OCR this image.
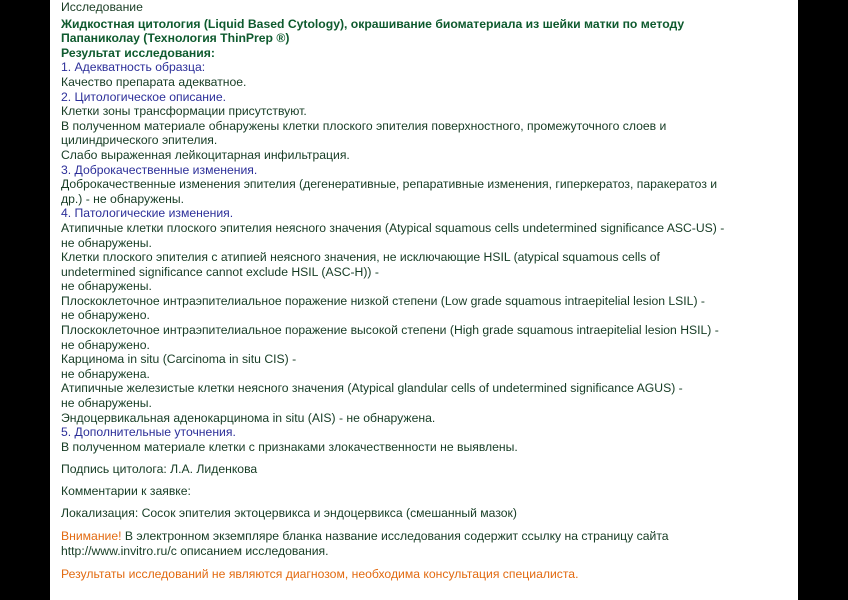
Исследование
Жидкостная цитология (Liquid Based Cytology), окрашивание биоматериала из шейки матки по методу
Папаниколау (Технология ThinPrep ®)
Результат исследования:
1. Адекватность образца:
Качество препарата адекватное.
2. Цитологическое описание.
Клетки зоны трансформации присутствуют.
В полученном материале обнаружены клетки плоского эпителия поверхностного, промежуточного слоев и
цилиндрического эпителия.
Слабо выраженная лейкоцитарная инфильтрация.
3. Доброкачественные изменения.
Доброкачественные изменения эпителия (дегенеративные, репаративные изменения, гиперкератоз, паракератоз и
др.) - не обнаружены.
4. Патологические изменения.
Атипичные клетки плоского эпителия неясного значения (Atypical squamous cells undetermined significance ASC-US) -
не обнаружены.
Клетки плоского эпителия с атипией неясного значения, не исключающие HSIL (atypical squamous cells of
undetermined significance cannot exclude HSIL (ASC-H)) -
не обнаружены.
Плоскоклеточное интраэпителиальное поражение низкой степени (Low grade squamous intraepitelial lesion LSIL) -
не обнаружено.
Плоскоклеточное интраэпителиальное поражение высокой степени (High grade squamous intraepitelial lesion HSIL) -
не обнаружено.
Карцинома in situ (Carcinoma in situ CIS) -
не обнаружена.
Атипичные железистые клетки неясного значения (Atypical glandular cells of undetermined significance AGUS) -
не обнаружены.
Эндоцервикальная аденокарцинома in situ (AIS) - не обнаружена.
5. Дополнительные уточнения.
В полученном материале клетки с признаками злокачественности не выявлены.
Подпись цитолога: Л.А. Лиденкова
Комментарии к заявке:
Локализация: Сосок эпителия эктоцервикса и эндоцервикса (смешанный мазок)
Внимание! В электронном экземпляре бланка название исследования содержит ссылку на страницу сайта
http://www.invitro.ru/с описанием исследования.
Результаты исследований не являются диагнозом, необходима консультация специалиста.
